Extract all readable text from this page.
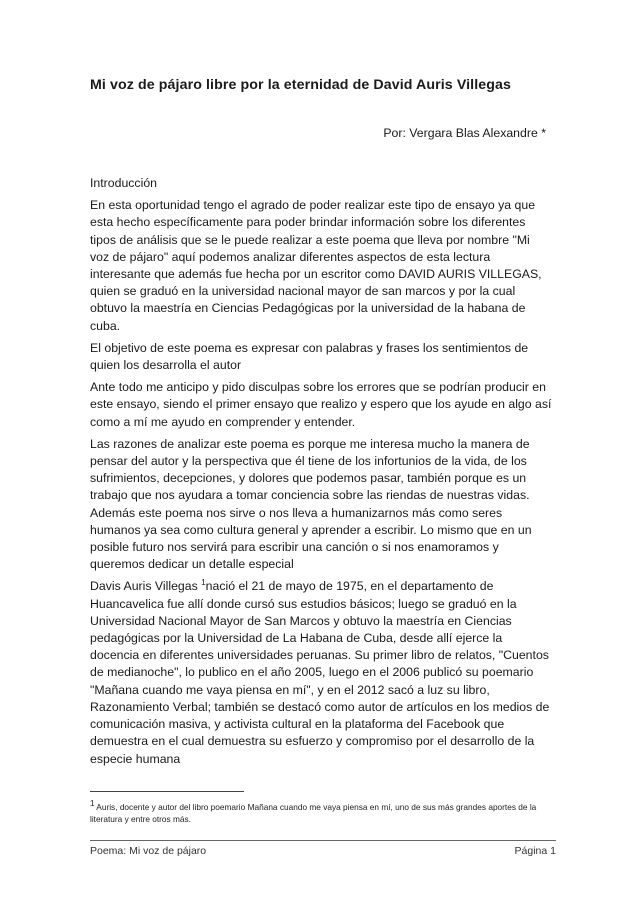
Mi voz de pájaro libre por la eternidad de David Auris Villegas
Por: Vergara Blas Alexandre *

Introducción

En esta oportunidad tengo el agrado de poder realizar este tipo de ensayo ya que esta hecho específicamente para poder brindar información sobre los diferentes tipos de análisis que se le puede realizar a este poema que lleva por nombre "Mi voz de pájaro" aquí podemos analizar diferentes aspectos de esta lectura interesante que además fue hecha por un escritor como DAVID AURIS VILLEGAS, quien se graduó en la universidad nacional mayor de san marcos y por la cual obtuvo la maestría en Ciencias Pedagógicas por la universidad de la habana de cuba.

El objetivo de este poema es expresar con palabras y frases los sentimientos de quien los desarrolla el autor

Ante todo me anticipo y pido disculpas sobre los errores que se podrían producir en este ensayo, siendo el primer ensayo que realizo y espero que los ayude en algo así como a mí me ayudo en comprender y entender.

Las razones de analizar este poema es porque me interesa mucho la manera de pensar del autor y la perspectiva que él tiene de los infortunios de la vida, de los sufrimientos, decepciones, y dolores que podemos pasar, también porque es un trabajo que nos ayudara a tomar conciencia sobre las riendas de nuestras vidas. Además este poema nos sirve o nos lleva a humanizarnos más como seres humanos ya sea como cultura general y aprender a escribir. Lo mismo que en un posible futuro nos servirá para escribir una canción o si nos enamoramos y queremos dedicar un detalle especial

Davis Auris Villegas $^1$nació el 21 de mayo de 1975, en el departamento de Huancavelica fue allí donde cursó sus estudios básicos; luego se graduó en la Universidad Nacional Mayor de San Marcos y obtuvo la maestría en Ciencias pedagógicas por la Universidad de La Habana de Cuba, desde allí ejerce la docencia en diferentes universidades peruanas. Su primer libro de relatos, "Cuentos de medianoche", lo publico en el año 2005, luego en el 2006 publicó su poemario "Mañana cuando me vaya piensa en mí", y en el 2012 sacó a luz su libro, Razonamiento Verbal; también se destacó como autor de artículos en los medios de comunicación masiva, y activista cultural en la plataforma del Facebook que demuestra en el cual demuestra su esfuerzo y compromiso por el desarrollo de la especie humana

$^1$ Auris, docente y autor del libro poemario Mañana cuando me vaya piensa en mí, uno de sus más grandes aportes de la literatura y entre otros más.
Poema: Mi voz de pájaro	Página 1
